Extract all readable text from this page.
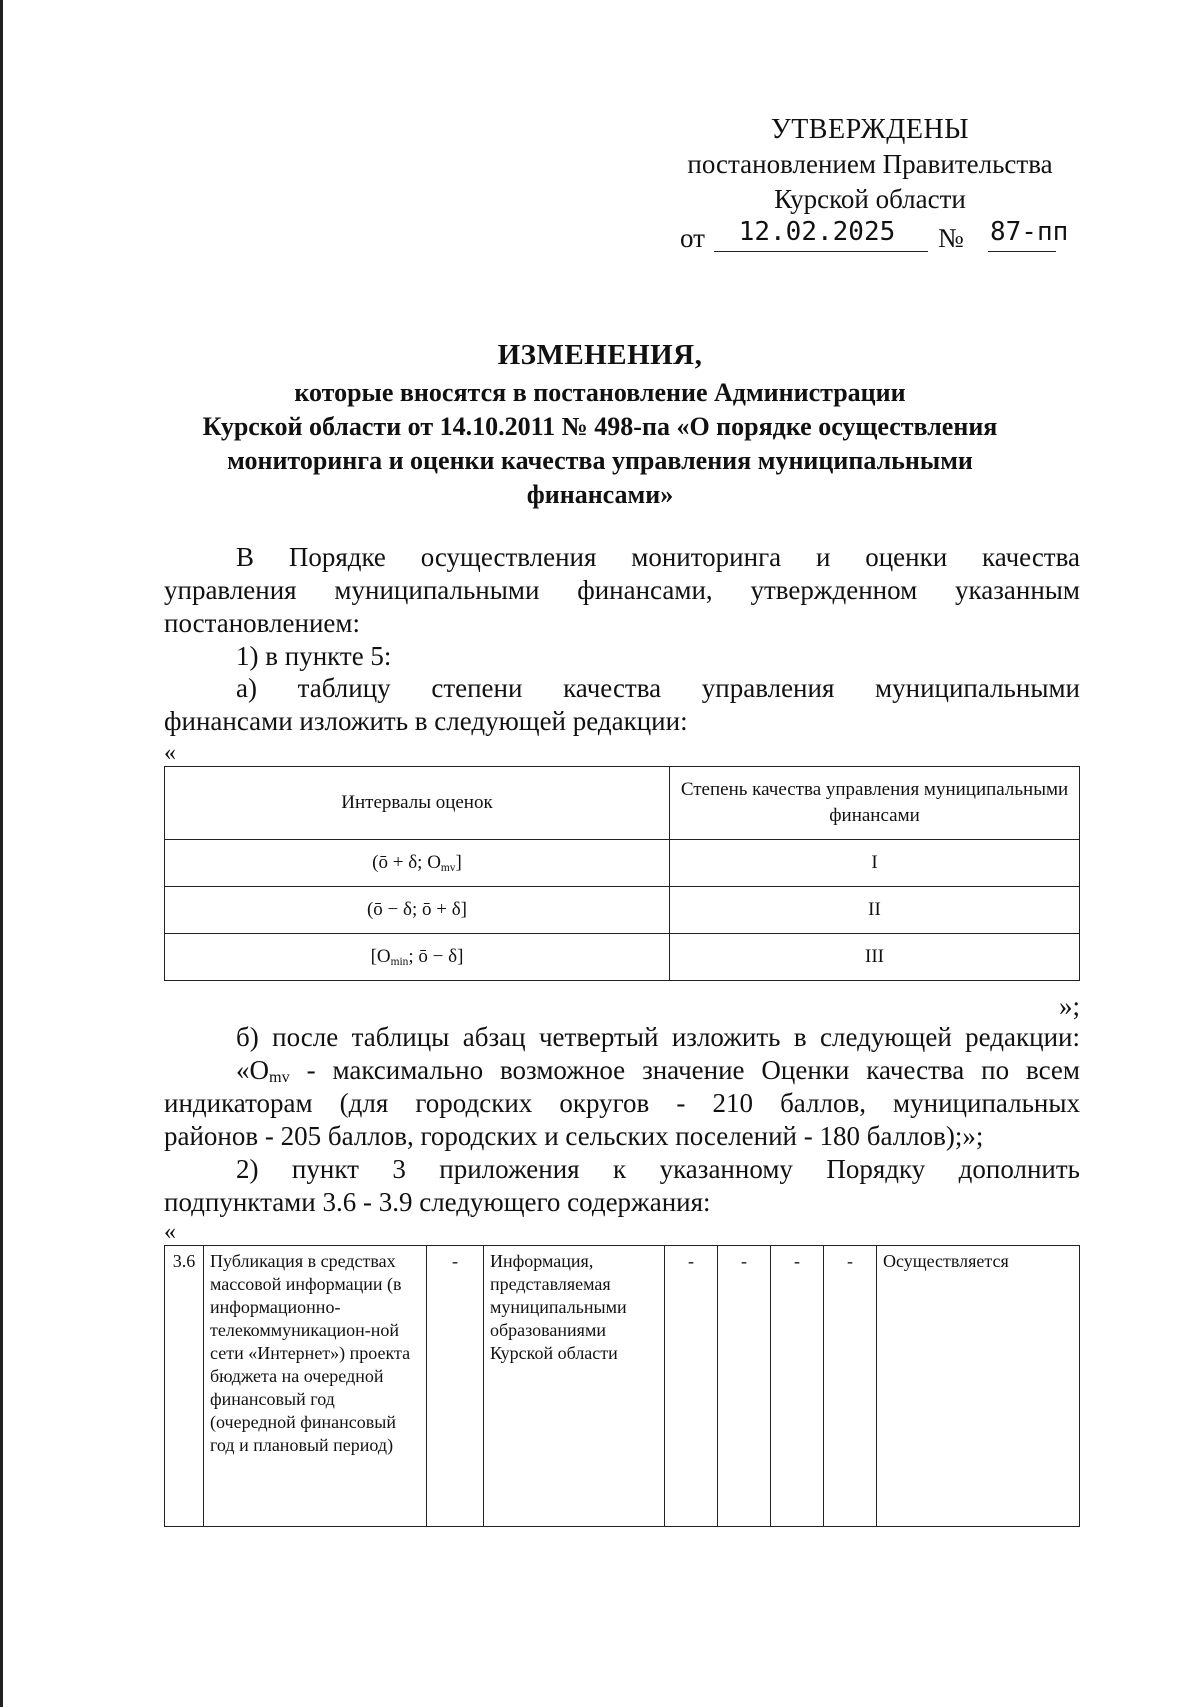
УТВЕРЖДЕНЫ
постановлением Правительства
Курской области
от	12.02.2025	№ 87-пп
ИЗМЕНЕНИЯ,
которые вносятся в постановление Администрации
Курской области от 14.10.2011 № 498-па «О порядке осуществления
мониторинга и оценки качества управления муниципальными
финансами»
В Порядке осуществления мониторинга и оценки качества
управления муниципальными финансами, утвержденном указанным
постановлением:
1) в пункте 5:
а) таблицу степени качества управления муниципальными
финансами изложить в следующей редакции:
«
Интервалы оценок	Степень качества управления муниципальными финансами
(ō + δ; $O_{mv}$]	I
(ō − δ; ō + δ]	II
[$O_{min}$; ō − δ]	III
»;
б) после таблицы абзац четвертый изложить в следующей редакции:
«$O_{mv}$ - максимально возможное значение Оценки качества по всем
индикаторам (для городских округов - 210 баллов, муниципальных
районов - 205 баллов, городских и сельских поселений - 180 баллов);»;
2) пункт 3 приложения к указанному Порядку дополнить
подпунктами 3.6 - 3.9 следующего содержания:
«
3.6	Публикация в средствах массовой информации (в информационно-телекоммуникацион-ной сети «Интернет») проекта бюджета на очередной финансовый год (очередной финансовый год и плановый период)	-	Информация, представляемая муниципальными образованиями Курской области	-	-	-	-	Осуществляется
